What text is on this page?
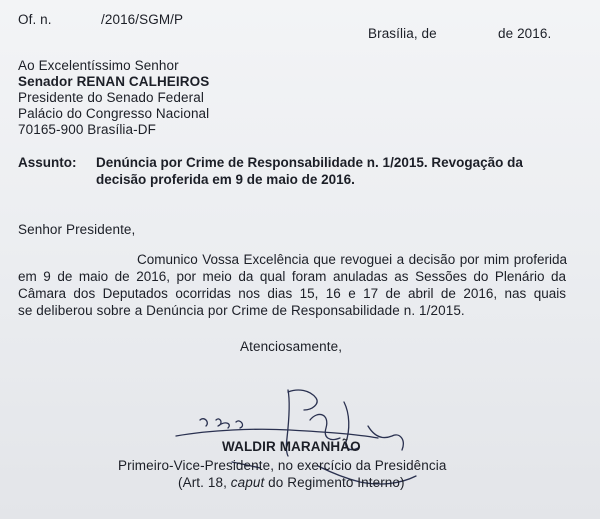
Of. n.	/2016/SGM/P
Brasília, de	de 2016.
Ao Excelentíssimo Senhor
Senador RENAN CALHEIROS
Presidente do Senado Federal
Palácio do Congresso Nacional
70165-900 Brasília-DF
Assunto: Denúncia por Crime de Responsabilidade n. 1/2015. Revogação da decisão proferida em 9 de maio de 2016.
Senhor Presidente,
Comunico Vossa Excelência que revoguei a decisão por mim proferida
em 9 de maio de 2016, por meio da qual foram anuladas as Sessões do Plenário da
Câmara dos Deputados ocorridas nos dias 15, 16 e 17 de abril de 2016, nas quais
se deliberou sobre a Denúncia por Crime de Responsabilidade n. 1/2015.
Atenciosamente,
WALDIR MARANHÃO
Primeiro-Vice-Presidente, no exercício da Presidência
(Art. 18, caput do Regimento Interno)
